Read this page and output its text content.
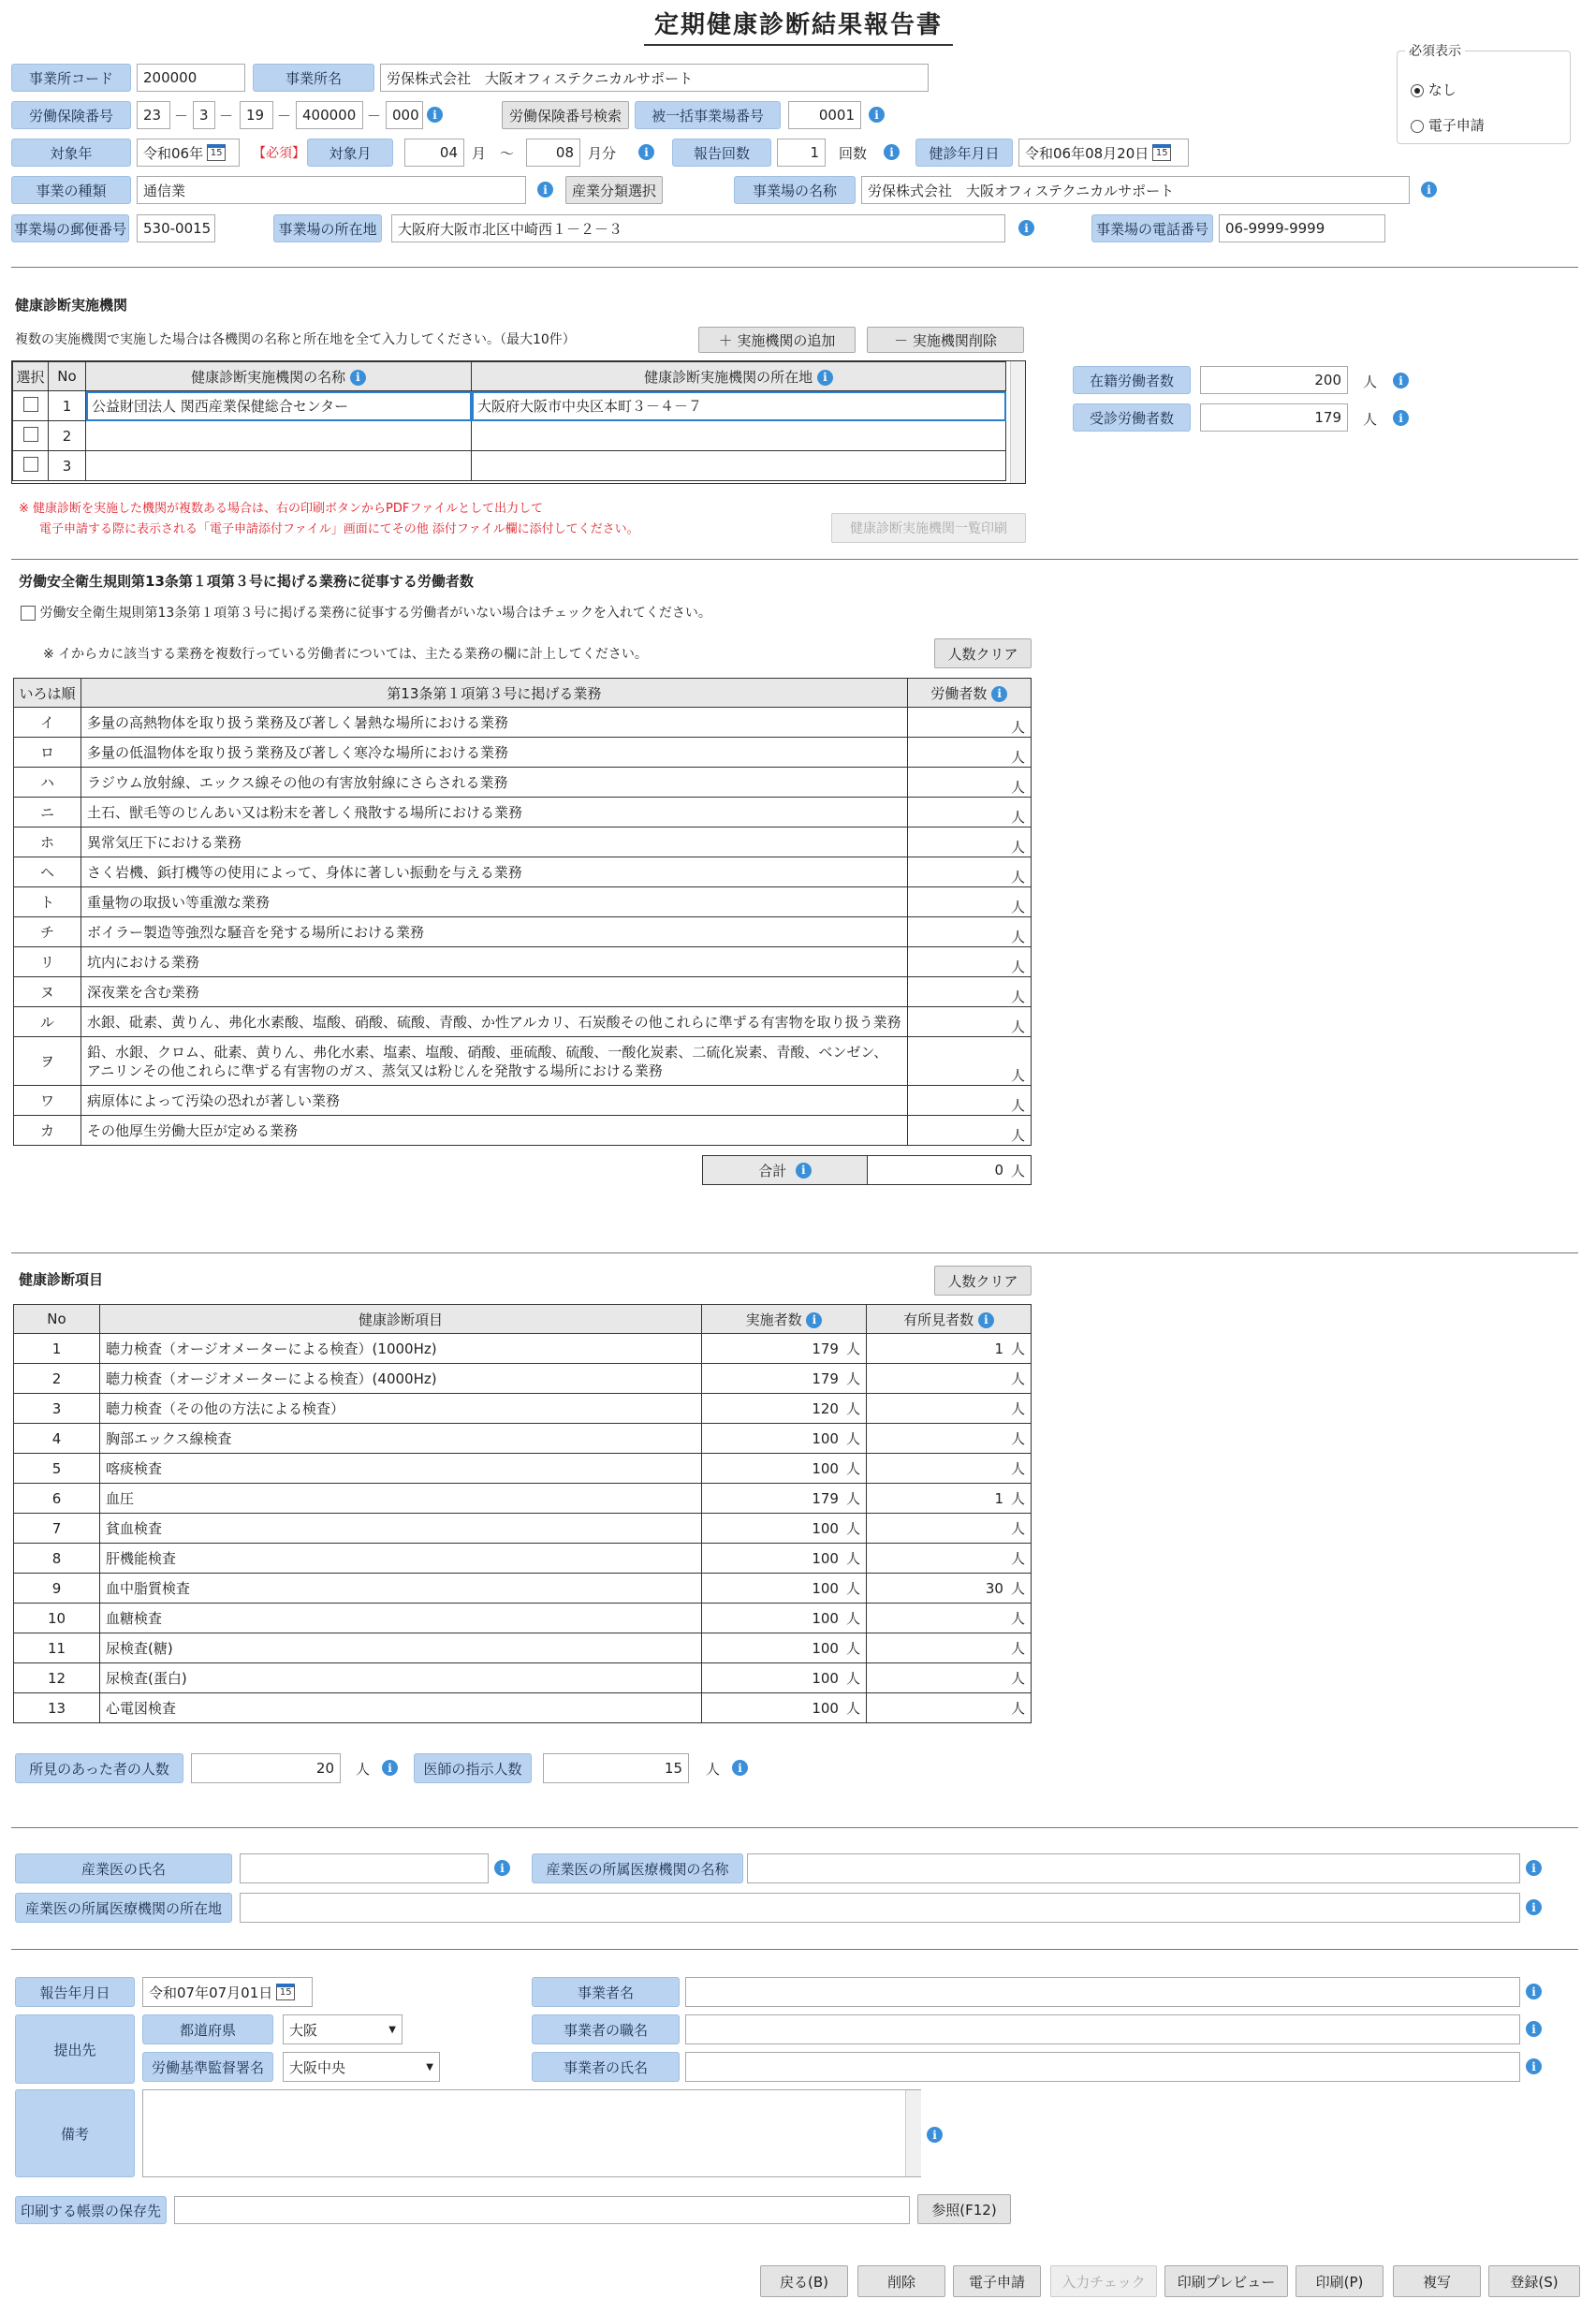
定期健康診断結果報告書
必須表示
なし
電子申請
事業所コード	200000	事業所名	労保株式会社　大阪オフィステクニカルサポート
労働保険番号	23 － 3 － 19 － 400000 － 000	i	労働保険番号検索	被一括事業場番号	0001	i
対象年	令和06年 15 【必須】	対象月	04	月 ～	08	月分	i	報告回数	1	回数	i	健診年月日	令和06年08月20日 15
事業の種類	通信業	i	産業分類選択	事業場の名称	労保株式会社　大阪オフィステクニカルサポート	i
事業場の郵便番号	530-0015	事業場の所在地	大阪府大阪市北区中崎西１－２－３	i	事業場の電話番号	06-9999-9999
健康診断実施機関
複数の実施機関で実施した場合は各機関の名称と所在地を全て入力してください。（最大10件）	＋ 実施機関の追加	－ 実施機関削除
選択	No	健康診断実施機関の名称 i	健康診断実施機関の所在地 i
	1	公益財団法人 関西産業保健総合センター	大阪府大阪市中央区本町３－４－７
	2		
	3		
在籍労働者数	200	人	i
受診労働者数	179	人	i
※ 健康診断を実施した機関が複数ある場合は、右の印刷ボタンからPDFファイルとして出力して
電子申請する際に表示される「電子申請添付ファイル」画面にてその他 添付ファイル欄に添付してください。	健康診断実施機関一覧印刷
労働安全衛生規則第13条第１項第３号に掲げる業務に従事する労働者数
労働安全衛生規則第13条第１項第３号に掲げる業務に従事する労働者がいない場合はチェックを入れてください。
※ イからカに該当する業務を複数行っている労働者については、主たる業務の欄に計上してください。	人数クリア
いろは順	第13条第１項第３号に掲げる業務	労働者数 i
イ	多量の高熱物体を取り扱う業務及び著しく暑熱な場所における業務	人
ロ	多量の低温物体を取り扱う業務及び著しく寒冷な場所における業務	人
ハ	ラジウム放射線、エックス線その他の有害放射線にさらされる業務	人
ニ	土石、獣毛等のじんあい又は粉末を著しく飛散する場所における業務	人
ホ	異常気圧下における業務	人
ヘ	さく岩機、鋲打機等の使用によって、身体に著しい振動を与える業務	人
ト	重量物の取扱い等重激な業務	人
チ	ボイラー製造等強烈な騒音を発する場所における業務	人
リ	坑内における業務	人
ヌ	深夜業を含む業務	人
ル	水銀、砒素、黄りん、弗化水素酸、塩酸、硝酸、硫酸、青酸、か性アルカリ、石炭酸その他これらに準ずる有害物を取り扱う業務	人
ヲ	鉛、水銀、クロム、砒素、黄りん、弗化水素、塩素、塩酸、硝酸、亜硫酸、硫酸、一酸化炭素、二硫化炭素、青酸、ベンゼン、
アニリンその他これらに準ずる有害物のガス、蒸気又は粉じんを発散する場所における業務	人
ワ	病原体によって汚染の恐れが著しい業務	人
カ	その他厚生労働大臣が定める業務	人
合計
	i	0 人
健康診断項目	人数クリア
No	健康診断項目	実施者数 i	有所見者数 i
1	聴力検査（オージオメーターによる検査）(1000Hz)	179 人	1 人
2	聴力検査（オージオメーターによる検査）(4000Hz)	179 人	人
3	聴力検査（その他の方法による検査）	120 人	人
4	胸部エックス線検査	100 人	人
5	喀痰検査	100 人	人
6	血圧	179 人	1 人
7	貧血検査	100 人	人
8	肝機能検査	100 人	人
9	血中脂質検査	100 人	30 人
10	血糖検査	100 人	人
11	尿検査(糖)	100 人	人
12	尿検査(蛋白)	100 人	人
13	心電図検査	100 人	人
所見のあった者の人数	20	人	i	医師の指示人数	15	人	i
産業医の氏名	i	産業医の所属医療機関の名称	i
産業医の所属医療機関の所在地	i
報告年月日	令和07年07月01日 15
提出先
都道府県	大阪	▼
労働基準監督署名	大阪中央	▼
事業者名	i
事業者の職名	i
事業者の氏名	i
備考	i
印刷する帳票の保存先	参照(F12)
戻る(B)	削除	電子申請	入力チェック	印刷プレビュー	印刷(P)	複写	登録(S)
